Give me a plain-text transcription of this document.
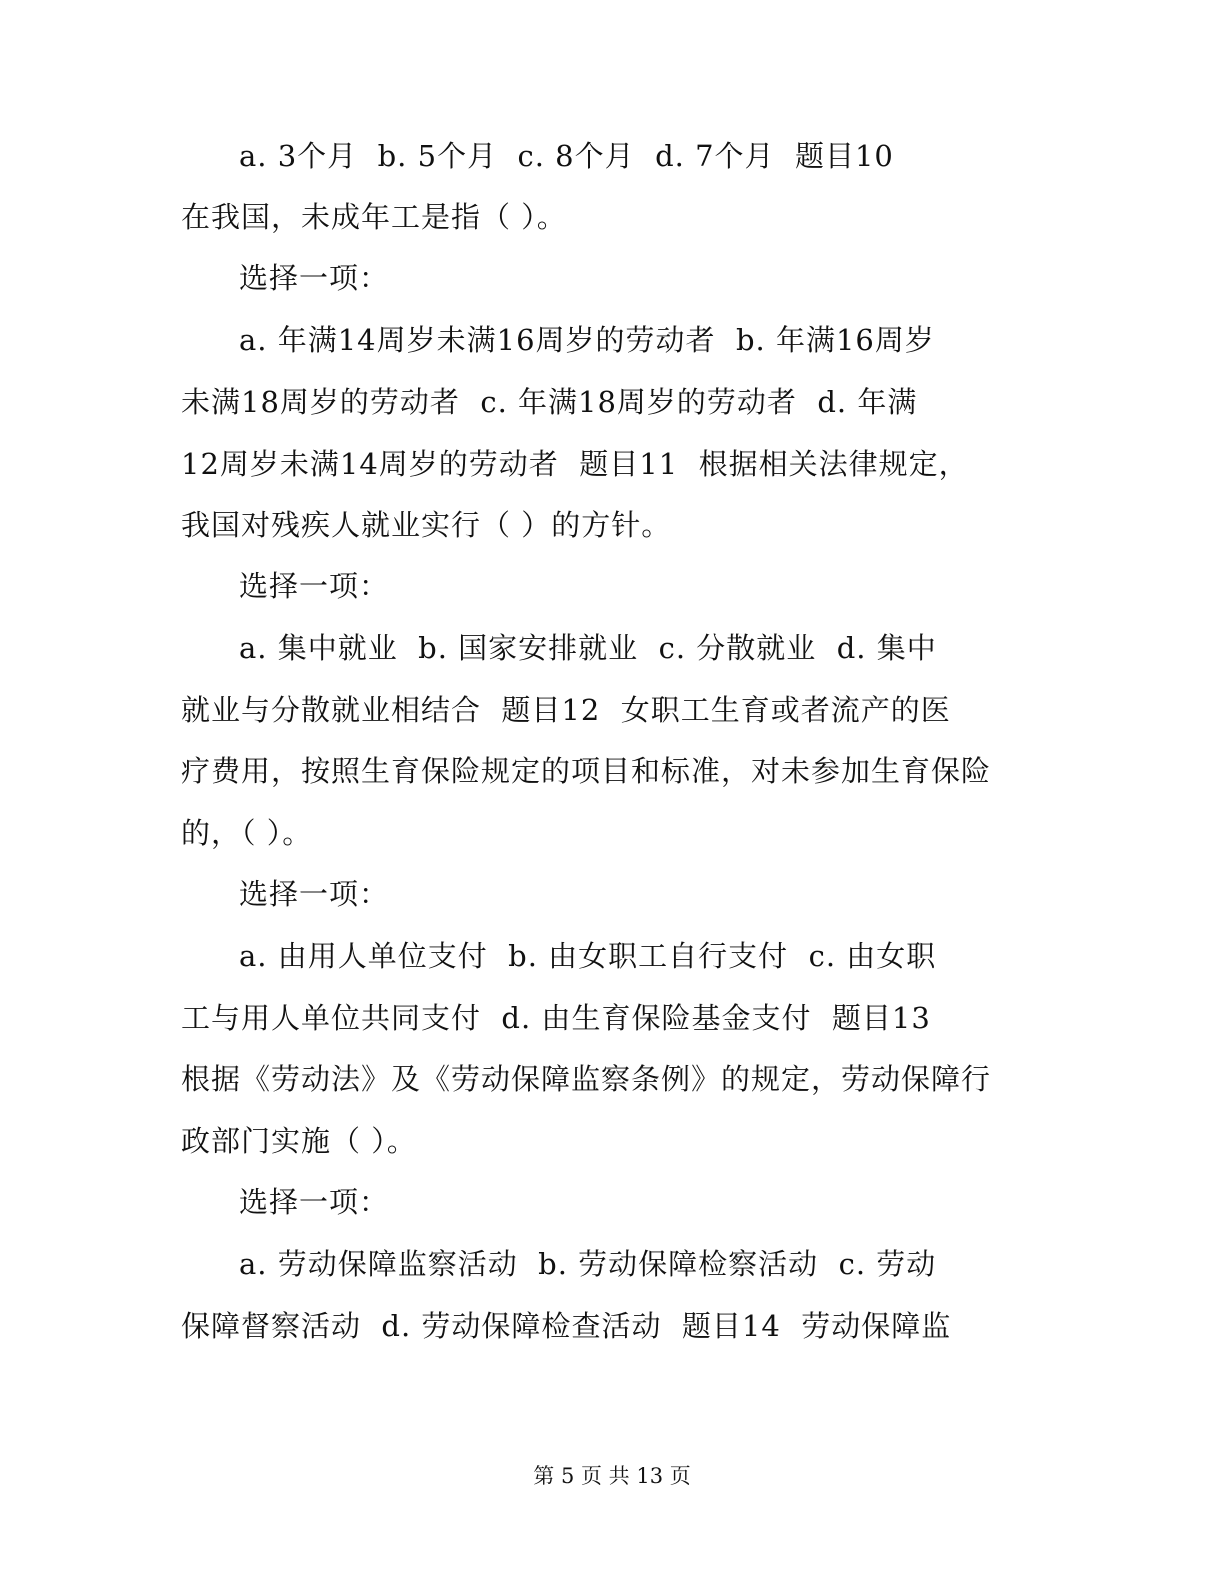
a. 3个月  b. 5个月  c. 8个月  d. 7个月  题目10
在我国，未成年工是指（ ）。
选择一项：
a. 年满14周岁未满16周岁的劳动者  b. 年满16周岁
未满18周岁的劳动者  c. 年满18周岁的劳动者  d. 年满
12周岁未满14周岁的劳动者  题目11  根据相关法律规定，
我国对残疾人就业实行（ ）的方针。
选择一项：
a. 集中就业  b. 国家安排就业  c. 分散就业  d. 集中
就业与分散就业相结合  题目12  女职工生育或者流产的医
疗费用，按照生育保险规定的项目和标准，对未参加生育保险
的，（ ）。
选择一项：
a. 由用人单位支付  b. 由女职工自行支付  c. 由女职
工与用人单位共同支付  d. 由生育保险基金支付  题目13
根据《劳动法》及《劳动保障监察条例》的规定，劳动保障行
政部门实施（ ）。
选择一项：
a. 劳动保障监察活动  b. 劳动保障检察活动  c. 劳动
保障督察活动  d. 劳动保障检查活动  题目14  劳动保障监
第 5 页 共 13 页
